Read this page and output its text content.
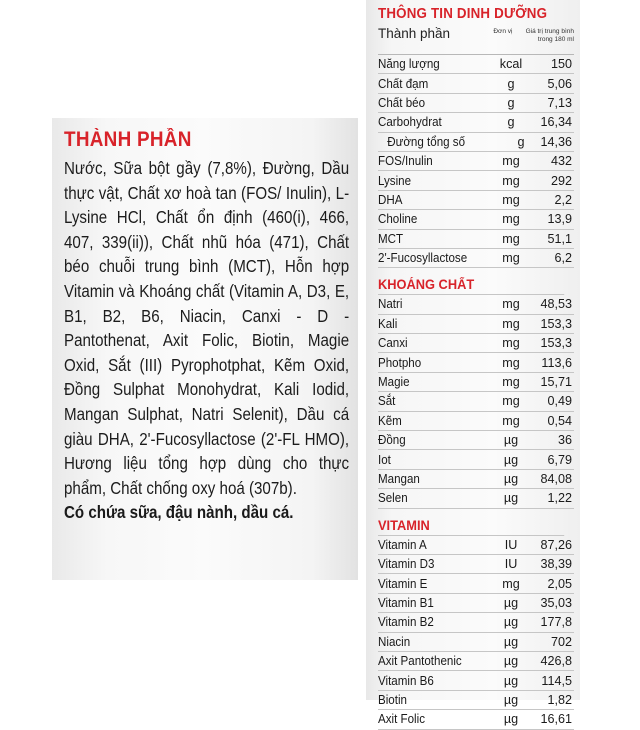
THÀNH PHẦN
Nước, Sữa bột gầy (7,8%), Đường, Dầu thực vật, Chất xơ hoà tan (FOS/ Inulin), L-Lysine HCl, Chất ổn định (460(i), 466, 407, 339(ii)), Chất nhũ hóa (471), Chất béo chuỗi trung bình (MCT), Hỗn hợp Vitamin và Khoáng chất (Vitamin A, D3, E, B1, B2, B6, Niacin, Canxi - D - Pantothenat, Axit Folic, Biotin, Magie Oxid, Sắt (III) Pyrophotphat, Kẽm Oxid, Đồng Sulphat Monohydrat, Kali Iodid, Mangan Sulphat, Natri Selenit), Dầu cá giàu DHA, 2'-Fucosyllactose (2'-FL HMO), Hương liệu tổng hợp dùng cho thực phẩm, Chất chống oxy hoá (307b).
Có chứa sữa, đậu nành, dầu cá.
THÔNG TIN DINH DƯỠNG
Thành phần	Đơn vị	Giá trị trung bình trong 180 ml
Năng lượng	kcal	150
Chất đạm	g	5,06
Chất béo	g	7,13
Carbohydrat	g	16,34
Đường tổng số	g	14,36
FOS/Inulin	mg	432
Lysine	mg	292
DHA	mg	2,2
Choline	mg	13,9
MCT	mg	51,1
2'-Fucosyllactose	mg	6,2
KHOÁNG CHẤT
Natri	mg	48,53
Kali	mg	153,3
Canxi	mg	153,3
Photpho	mg	113,6
Magie	mg	15,71
Sắt	mg	0,49
Kẽm	mg	0,54
Đồng	µg	36
Iot	µg	6,79
Mangan	µg	84,08
Selen	µg	1,22
VITAMIN
Vitamin A	IU	87,26
Vitamin D3	IU	38,39
Vitamin E	mg	2,05
Vitamin B1	µg	35,03
Vitamin B2	µg	177,8
Niacin	µg	702
Axit Pantothenic	µg	426,8
Vitamin B6	µg	114,5
Biotin	µg	1,82
Axit Folic	µg	16,61
